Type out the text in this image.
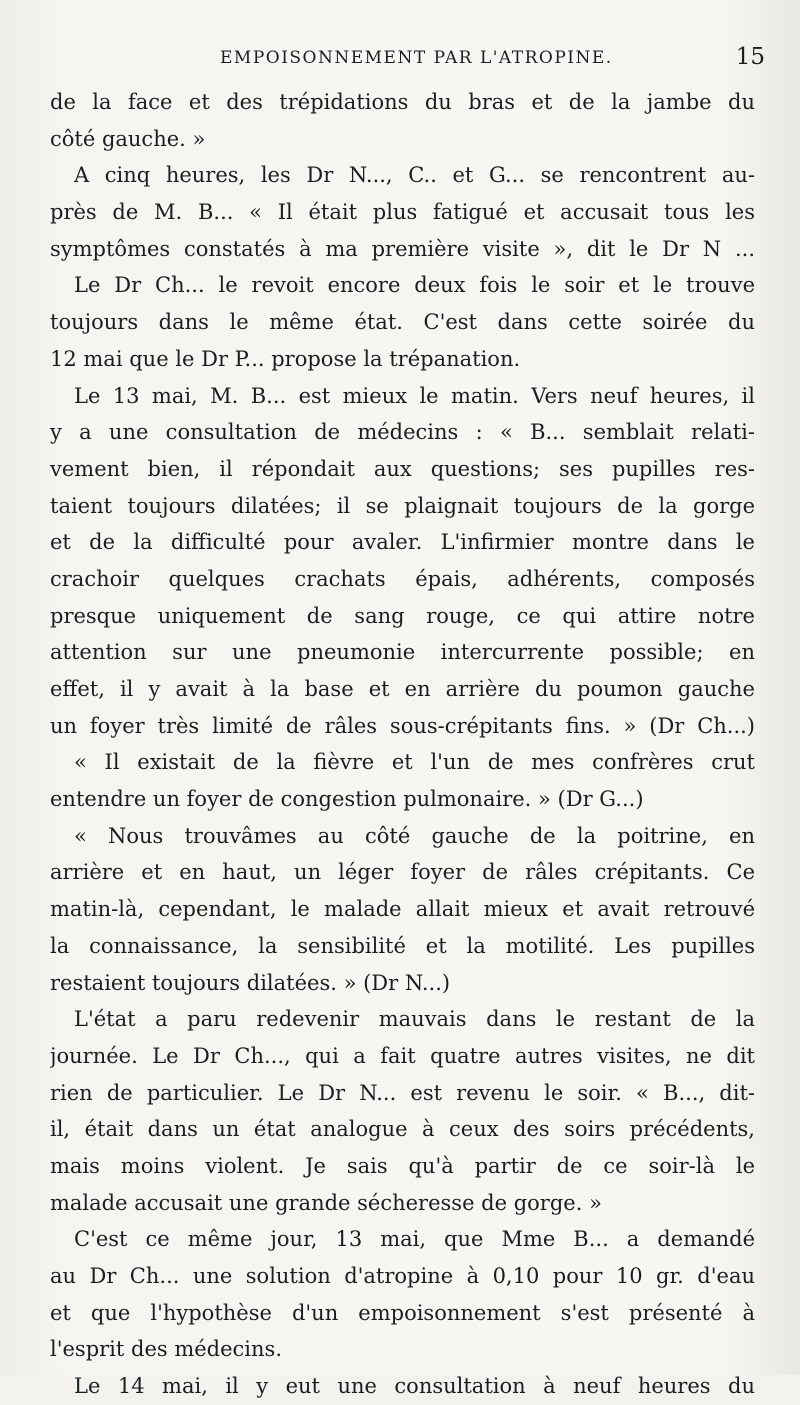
EMPOISONNEMENT PAR L'ATROPINE.	15
de la face et des trépidations du bras et de la jambe du
côté gauche. »
A cinq heures, les Dr N..., C.. et G... se rencontrent au-
près de M. B... « Il était plus fatigué et accusait tous les
symptômes constatés à ma première visite », dit le Dr N ...
Le Dr Ch... le revoit encore deux fois le soir et le trouve
toujours dans le même état. C'est dans cette soirée du
12 mai que le Dr P... propose la trépanation.
Le 13 mai, M. B... est mieux le matin. Vers neuf heures, il
y a une consultation de médecins : « B... semblait relati-
vement bien, il répondait aux questions; ses pupilles res-
taient toujours dilatées; il se plaignait toujours de la gorge
et de la difficulté pour avaler. L'infirmier montre dans le
crachoir quelques crachats épais, adhérents, composés
presque uniquement de sang rouge, ce qui attire notre
attention sur une pneumonie intercurrente possible; en
effet, il y avait à la base et en arrière du poumon gauche
un foyer très limité de râles sous-crépitants fins. » (Dr Ch...)
« Il existait de la fièvre et l'un de mes confrères crut
entendre un foyer de congestion pulmonaire. » (Dr G...)
« Nous trouvâmes au côté gauche de la poitrine, en
arrière et en haut, un léger foyer de râles crépitants. Ce
matin-là, cependant, le malade allait mieux et avait retrouvé
la connaissance, la sensibilité et la motilité. Les pupilles
restaient toujours dilatées. » (Dr N...)
L'état a paru redevenir mauvais dans le restant de la
journée. Le Dr Ch..., qui a fait quatre autres visites, ne dit
rien de particulier. Le Dr N... est revenu le soir. « B..., dit-
il, était dans un état analogue à ceux des soirs précédents,
mais moins violent. Je sais qu'à partir de ce soir-là le
malade accusait une grande sécheresse de gorge. »
C'est ce même jour, 13 mai, que Mme B... a demandé
au Dr Ch... une solution d'atropine à 0,10 pour 10 gr. d'eau
et que l'hypothèse d'un empoisonnement s'est présenté à
l'esprit des médecins.
Le 14 mai, il y eut une consultation à neuf heures du
